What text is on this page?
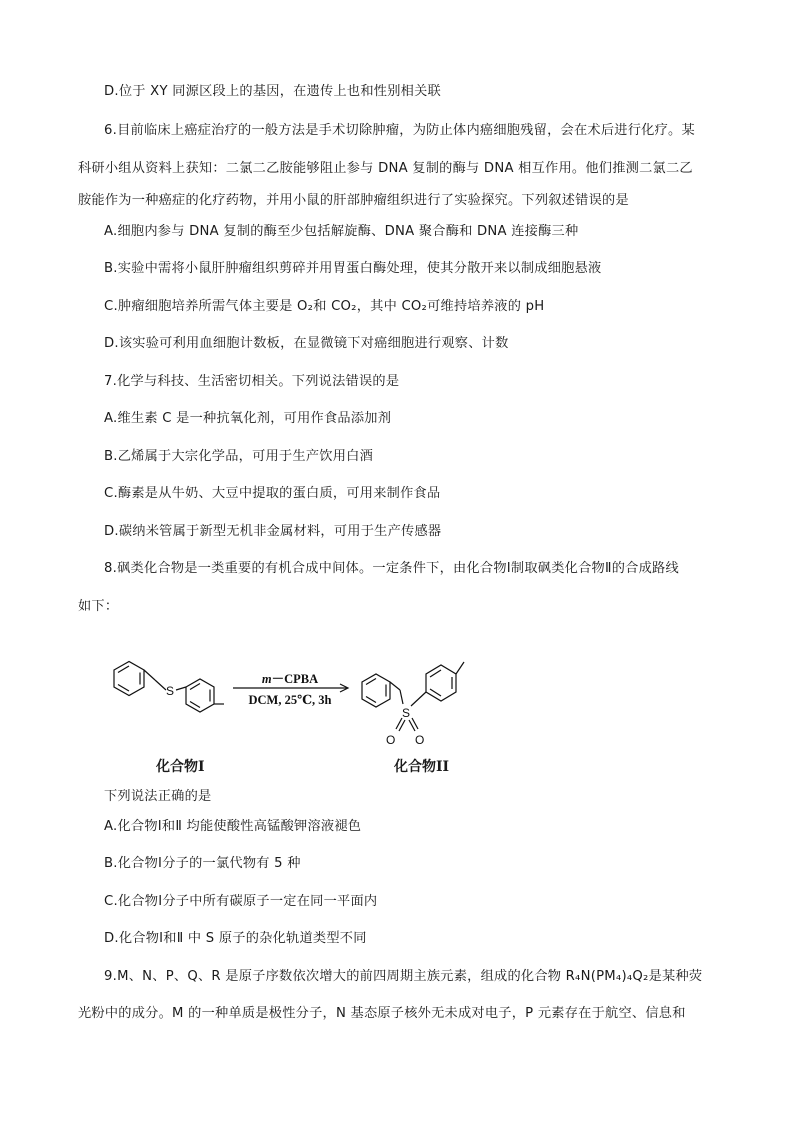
D.位于 XY 同源区段上的基因，在遗传上也和性别相关联
6.目前临床上癌症治疗的一般方法是手术切除肿瘤，为防止体内癌细胞残留，会在术后进行化疗。某
科研小组从资料上获知：二氯二乙胺能够阻止参与 DNA 复制的酶与 DNA 相互作用。他们推测二氯二乙
胺能作为一种癌症的化疗药物，并用小鼠的肝部肿瘤组织进行了实验探究。下列叙述错误的是
A.细胞内参与 DNA 复制的酶至少包括解旋酶、DNA 聚合酶和 DNA 连接酶三种
B.实验中需将小鼠肝肿瘤组织剪碎并用胃蛋白酶处理，使其分散开来以制成细胞悬液
C.肿瘤细胞培养所需气体主要是 O₂和 CO₂，其中 CO₂可维持培养液的 pH
D.该实验可利用血细胞计数板，在显微镜下对癌细胞进行观察、计数
7.化学与科技、生活密切相关。下列说法错误的是
A.维生素 C 是一种抗氧化剂，可用作食品添加剂
B.乙烯属于大宗化学品，可用于生产饮用白酒
C.酶素是从牛奶、大豆中提取的蛋白质，可用来制作食品
D.碳纳米管属于新型无机非金属材料，可用于生产传感器
8.砜类化合物是一类重要的有机合成中间体。一定条件下，由化合物Ⅰ制取砜类化合物Ⅱ的合成路线
如下：
S
S
O O
m－CPBA
DCM, 25℃, 3h
化合物I	化合物II
下列说法正确的是
A.化合物Ⅰ和Ⅱ 均能使酸性高锰酸钾溶液褪色
B.化合物Ⅰ分子的一氯代物有 5 种
C.化合物Ⅰ分子中所有碳原子一定在同一平面内
D.化合物Ⅰ和Ⅱ 中 S 原子的杂化轨道类型不同
9.M、N、P、Q、R 是原子序数依次增大的前四周期主族元素，组成的化合物 R₄N(PM₄)₄Q₂是某种荧
光粉中的成分。M 的一种单质是极性分子，N 基态原子核外无未成对电子，P 元素存在于航空、信息和
